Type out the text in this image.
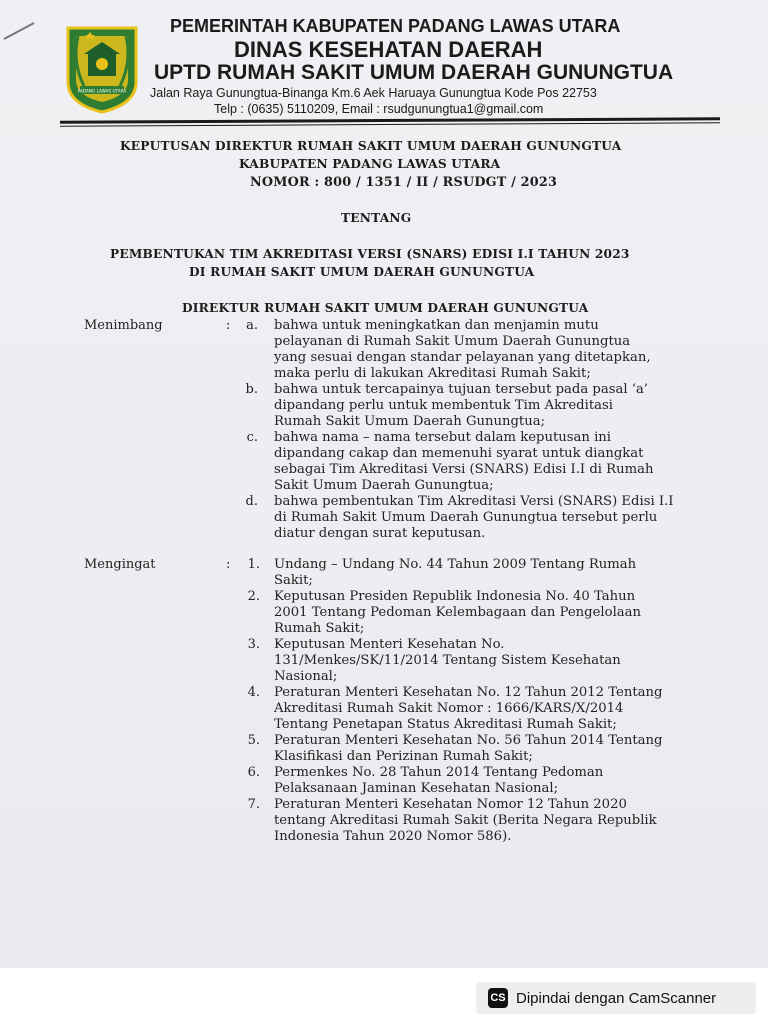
PADANG LAWAS UTARA
PEMERINTAH KABUPATEN PADANG LAWAS UTARA
DINAS KESEHATAN DAERAH
UPTD RUMAH SAKIT UMUM DAERAH GUNUNGTUA
Jalan Raya Gunungtua-Binanga Km.6 Aek Haruaya Gunungtua Kode Pos 22753
Telp : (0635) 5110209, Email : rsudgunungtua1@gmail.com
KEPUTUSAN DIREKTUR RUMAH SAKIT UMUM DAERAH GUNUNGTUA
KABUPATEN PADANG LAWAS UTARA
NOMOR : 800 / 1351 / II / RSUDGT / 2023
TENTANG
PEMBENTUKAN TIM AKREDITASI VERSI (SNARS) EDISI I.I TAHUN 2023
DI RUMAH SAKIT UMUM DAERAH GUNUNGTUA
DIREKTUR RUMAH SAKIT UMUM DAERAH GUNUNGTUA
Menimbang	:	a. bahwa untuk meningkatkan dan menjamin mutu
pelayanan di Rumah Sakit Umum Daerah Gunungtua
yang sesuai dengan standar pelayanan yang ditetapkan,
maka perlu di lakukan Akreditasi Rumah Sakit;
b. bahwa untuk tercapainya tujuan tersebut pada pasal ‘a’
dipandang perlu untuk membentuk Tim Akreditasi
Rumah Sakit Umum Daerah Gunungtua;
c. bahwa nama – nama tersebut dalam keputusan ini
dipandang cakap dan memenuhi syarat untuk diangkat
sebagai Tim Akreditasi Versi (SNARS) Edisi I.I di Rumah
Sakit Umum Daerah Gunungtua;
d. bahwa pembentukan Tim Akreditasi Versi (SNARS) Edisi I.I
di Rumah Sakit Umum Daerah Gunungtua tersebut perlu
diatur dengan surat keputusan.
Mengingat	:	1. Undang – Undang No. 44 Tahun 2009 Tentang Rumah
Sakit;
2. Keputusan Presiden Republik Indonesia No. 40 Tahun
2001 Tentang Pedoman Kelembagaan dan Pengelolaan
Rumah Sakit;
3. Keputusan Menteri Kesehatan No.
131/Menkes/SK/11/2014 Tentang Sistem Kesehatan
Nasional;
4. Peraturan Menteri Kesehatan No. 12 Tahun 2012 Tentang
Akreditasi Rumah Sakit Nomor : 1666/KARS/X/2014
Tentang Penetapan Status Akreditasi Rumah Sakit;
5. Peraturan Menteri Kesehatan No. 56 Tahun 2014 Tentang
Klasifikasi dan Perizinan Rumah Sakit;
6. Permenkes No. 28 Tahun 2014 Tentang Pedoman
Pelaksanaan Jaminan Kesehatan Nasional;
7. Peraturan Menteri Kesehatan Nomor 12 Tahun 2020
tentang Akreditasi Rumah Sakit (Berita Negara Republik
Indonesia Tahun 2020 Nomor 586).
CS Dipindai dengan CamScanner
